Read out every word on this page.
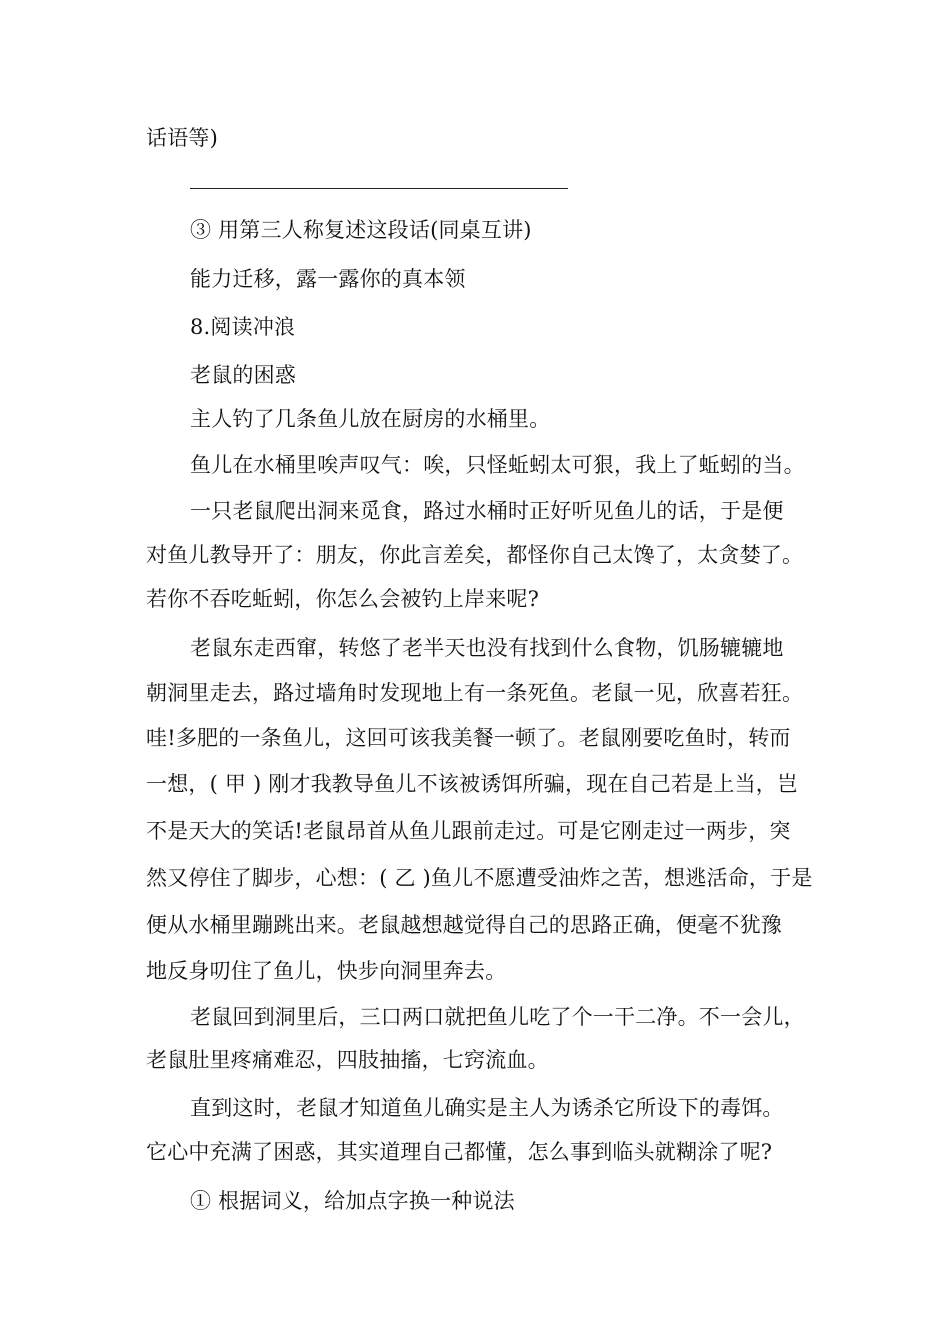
话语等)
③ 用第三人称复述这段话(同桌互讲)
能力迁移，露一露你的真本领
8.阅读冲浪
老鼠的困惑
主人钓了几条鱼儿放在厨房的水桶里。
鱼儿在水桶里唉声叹气：唉，只怪蚯蚓太可狠，我上了蚯蚓的当。
一只老鼠爬出洞来觅食，路过水桶时正好听见鱼儿的话，于是便
对鱼儿教导开了：朋友，你此言差矣，都怪你自己太馋了，太贪婪了。
若你不吞吃蚯蚓，你怎么会被钓上岸来呢?
老鼠东走西窜，转悠了老半天也没有找到什么食物，饥肠辘辘地
朝洞里走去，路过墙角时发现地上有一条死鱼。老鼠一见，欣喜若狂。
哇!多肥的一条鱼儿，这回可该我美餐一顿了。老鼠刚要吃鱼时，转而
一想，( 甲 ) 刚才我教导鱼儿不该被诱饵所骗，现在自己若是上当，岂
不是天大的笑话!老鼠昂首从鱼儿跟前走过。可是它刚走过一两步，突
然又停住了脚步，心想：( 乙 )鱼儿不愿遭受油炸之苦，想逃活命，于是
便从水桶里蹦跳出来。老鼠越想越觉得自己的思路正确，便毫不犹豫
地反身叨住了鱼儿，快步向洞里奔去。
老鼠回到洞里后，三口两口就把鱼儿吃了个一干二净。不一会儿，
老鼠肚里疼痛难忍，四肢抽搐，七窍流血。
直到这时，老鼠才知道鱼儿确实是主人为诱杀它所设下的毒饵。
它心中充满了困惑，其实道理自己都懂，怎么事到临头就糊涂了呢?
① 根据词义，给加点字换一种说法
